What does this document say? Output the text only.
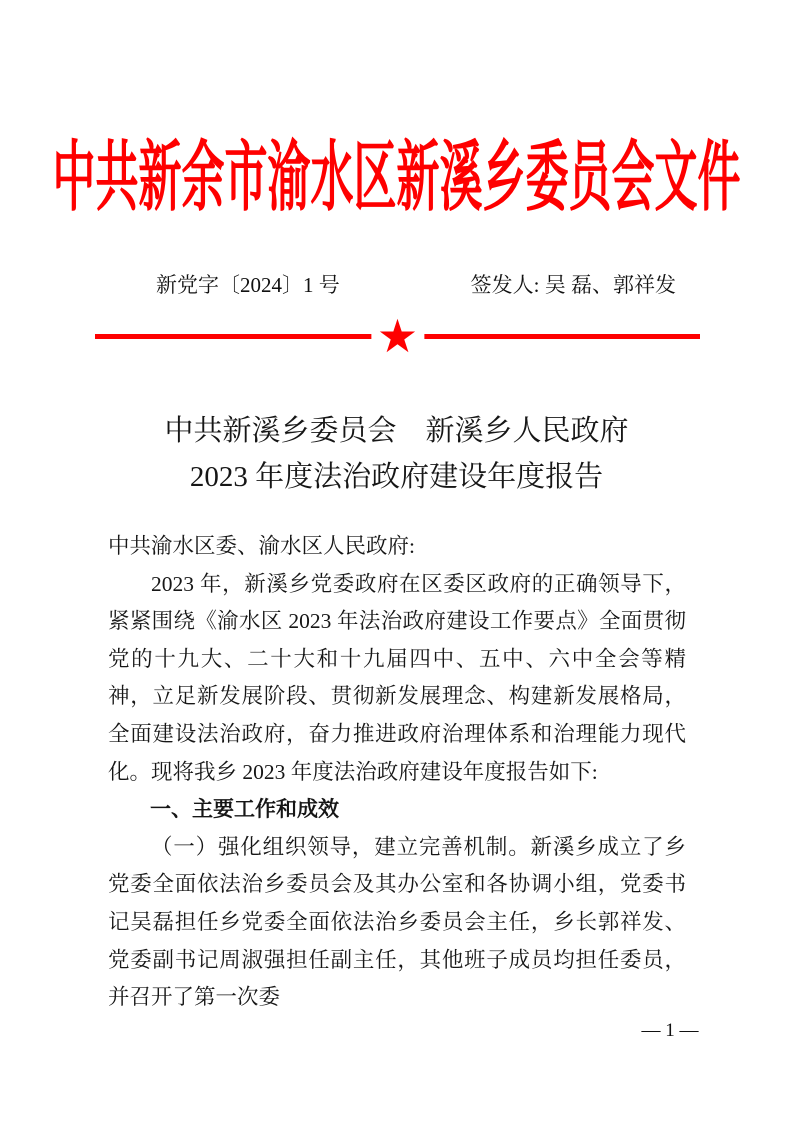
中共新余市渝水区新溪乡委员会文件
新党字〔2024〕1 号	签发人: 吴 磊、郭祥发
★
中共新溪乡委员会    新溪乡人民政府
2023 年度法治政府建设年度报告

中共渝水区委、渝水区人民政府:

2023 年，新溪乡党委政府在区委区政府的正确领导下，紧紧围绕《渝水区 2023 年法治政府建设工作要点》全面贯彻党的十九大、二十大和十九届四中、五中、六中全会等精神，立足新发展阶段、贯彻新发展理念、构建新发展格局，全面建设法治政府，奋力推进政府治理体系和治理能力现代化。现将我乡 2023 年度法治政府建设年度报告如下:

一、主要工作和成效

（一）强化组织领导，建立完善机制。新溪乡成立了乡党委全面依法治乡委员会及其办公室和各协调小组，党委书记吴磊担任乡党委全面依法治乡委员会主任，乡长郭祥发、党委副书记周淑强担任副主任，其他班子成员均担任委员，并召开了第一次委

— 1 —
